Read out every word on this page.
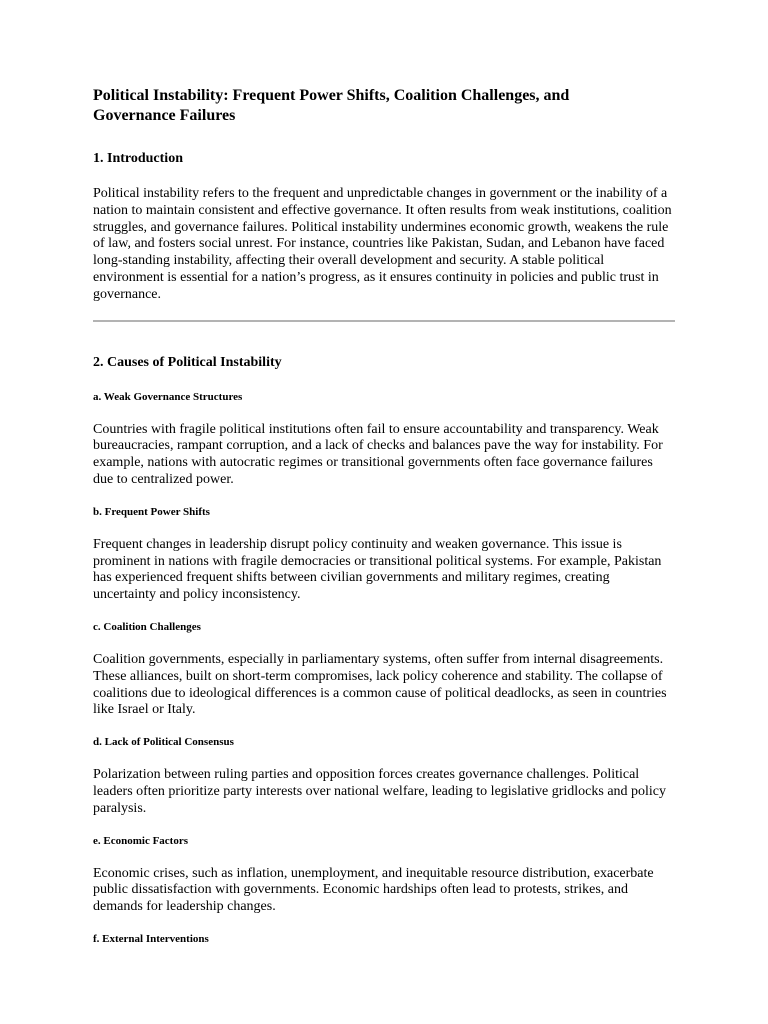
Political Instability: Frequent Power Shifts, Coalition Challenges, and Governance Failures
1. Introduction

Political instability refers to the frequent and unpredictable changes in government or the inability of a nation to maintain consistent and effective governance. It often results from weak institutions, coalition struggles, and governance failures. Political instability undermines economic growth, weakens the rule of law, and fosters social unrest. For instance, countries like Pakistan, Sudan, and Lebanon have faced long-standing instability, affecting their overall development and security. A stable political environment is essential for a nation’s progress, as it ensures continuity in policies and public trust in governance.

2. Causes of Political Instability
a. Weak Governance Structures

Countries with fragile political institutions often fail to ensure accountability and transparency. Weak bureaucracies, rampant corruption, and a lack of checks and balances pave the way for instability. For example, nations with autocratic regimes or transitional governments often face governance failures due to centralized power.

b. Frequent Power Shifts

Frequent changes in leadership disrupt policy continuity and weaken governance. This issue is prominent in nations with fragile democracies or transitional political systems. For example, Pakistan has experienced frequent shifts between civilian governments and military regimes, creating uncertainty and policy inconsistency.

c. Coalition Challenges

Coalition governments, especially in parliamentary systems, often suffer from internal disagreements. These alliances, built on short-term compromises, lack policy coherence and stability. The collapse of coalitions due to ideological differences is a common cause of political deadlocks, as seen in countries like Israel or Italy.

d. Lack of Political Consensus

Polarization between ruling parties and opposition forces creates governance challenges. Political leaders often prioritize party interests over national welfare, leading to legislative gridlocks and policy paralysis.

e. Economic Factors

Economic crises, such as inflation, unemployment, and inequitable resource distribution, exacerbate public dissatisfaction with governments. Economic hardships often lead to protests, strikes, and demands for leadership changes.

f. External Interventions
